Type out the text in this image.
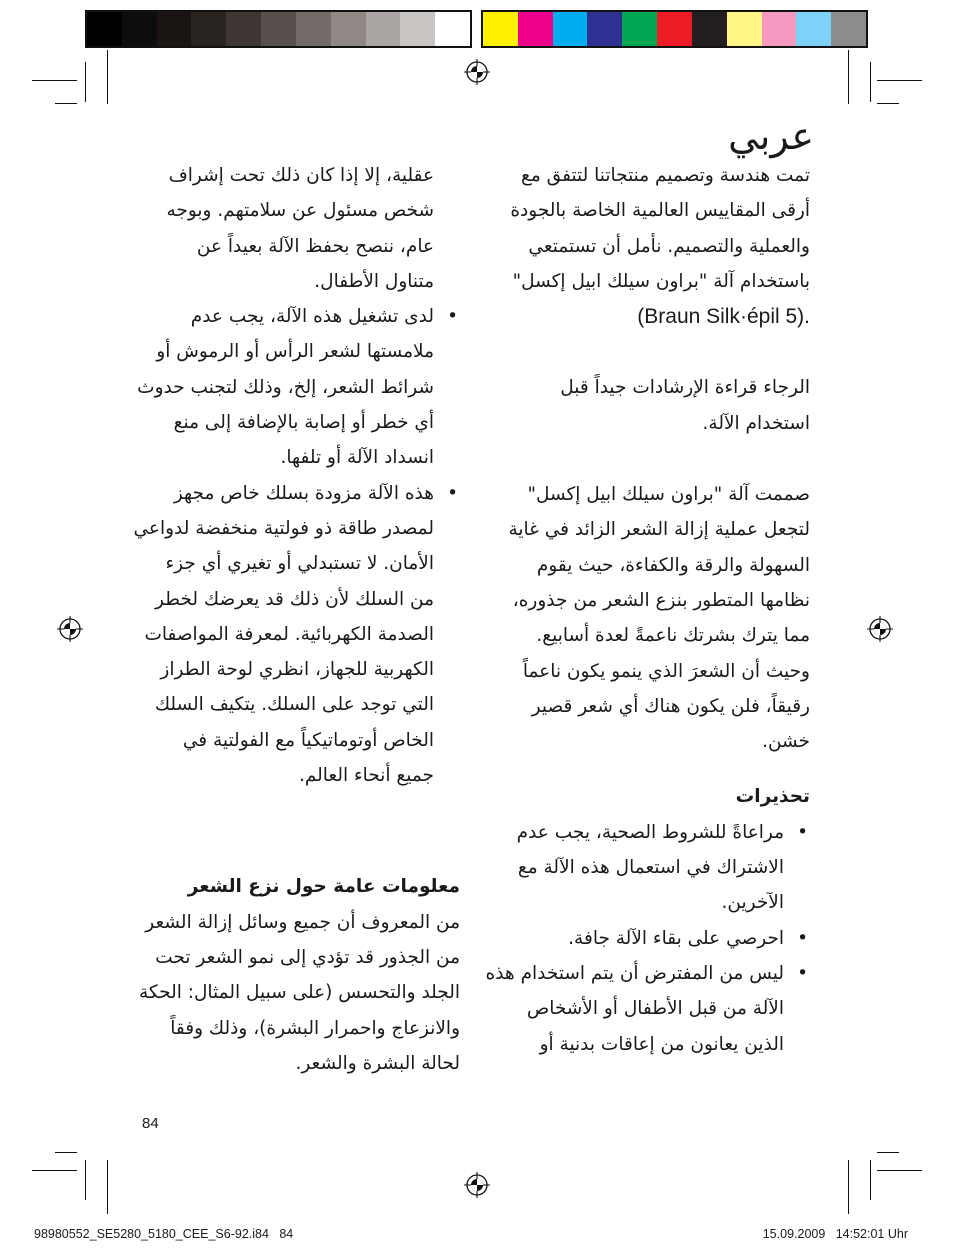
عربي

تمت هندسة وتصميم منتجاتنا لتتفق مع

أرقى المقاييس العالمية الخاصة بالجودة

والعملية والتصميم. نأمل أن تستمتعي

باستخدام آلة "براون سيلك ابيل إكسل"

(Braun Silk·épil 5).

الرجاء قراءة الإرشادات جيداً قبل

استخدام الآلة.

صممت آلة "براون سيلك ابيل إكسل"

لتجعل عملية إزالة الشعر الزائد في غاية

السهولة والرقة والكفاءة، حيث يقوم

نظامها المتطور بنزع الشعر من جذوره،

مما يترك بشرتك ناعمةً لعدة أسابيع.

وحيث أن الشعرَ الذي ينمو يكون ناعماً

رقيقاً، فلن يكون هناك أي شعر قصير

خشن.

تحذيرات

• مراعاةً للشروط الصحية، يجب عدم

الاشتراك في استعمال هذه الآلة مع

الآخرين.

• احرصي على بقاء الآلة جافة.

• ليس من المفترض أن يتم استخدام هذه

الآلة من قبل الأطفال أو الأشخاص

الذين يعانون من إعاقات بدنية أو

عقلية، إلا إذا كان ذلك تحت إشراف

شخص مسئول عن سلامتهم. وبوجه

عام، ننصح بحفظ الآلة بعيداً عن

متناول الأطفال.

• لدى تشغيل هذه الآلة، يجب عدم

ملامستها لشعر الرأس أو الرموش أو

شرائط الشعر، إلخ، وذلك لتجنب حدوث

أي خطر أو إصابة بالإضافة إلى منع

انسداد الآلة أو تلفها.

• هذه الآلة مزودة بسلك خاص مجهز

لمصدر طاقة ذو فولتية منخفضة لدواعي

الأمان. لا تستبدلي أو تغيري أي جزء

من السلك لأن ذلك قد يعرضك لخطر

الصدمة الكهربائية. لمعرفة المواصفات

الكهربية للجهاز، انظري لوحة الطراز

التي توجد على السلك. يتكيف السلك

الخاص أوتوماتيكياً مع الفولتية في

جميع أنحاء العالم.

معلومات عامة حول نزع الشعر

من المعروف أن جميع وسائل إزالة الشعر

من الجذور قد تؤدي إلى نمو الشعر تحت

الجلد والتحسس (على سبيل المثال: الحكة

والانزعاج واحمرار البشرة)، وذلك وفقاً

لحالة البشرة والشعر.

84
98980552_SE5280_5180_CEE_S6-92.i84   84	15.09.2009   14:52:01 Uhr
